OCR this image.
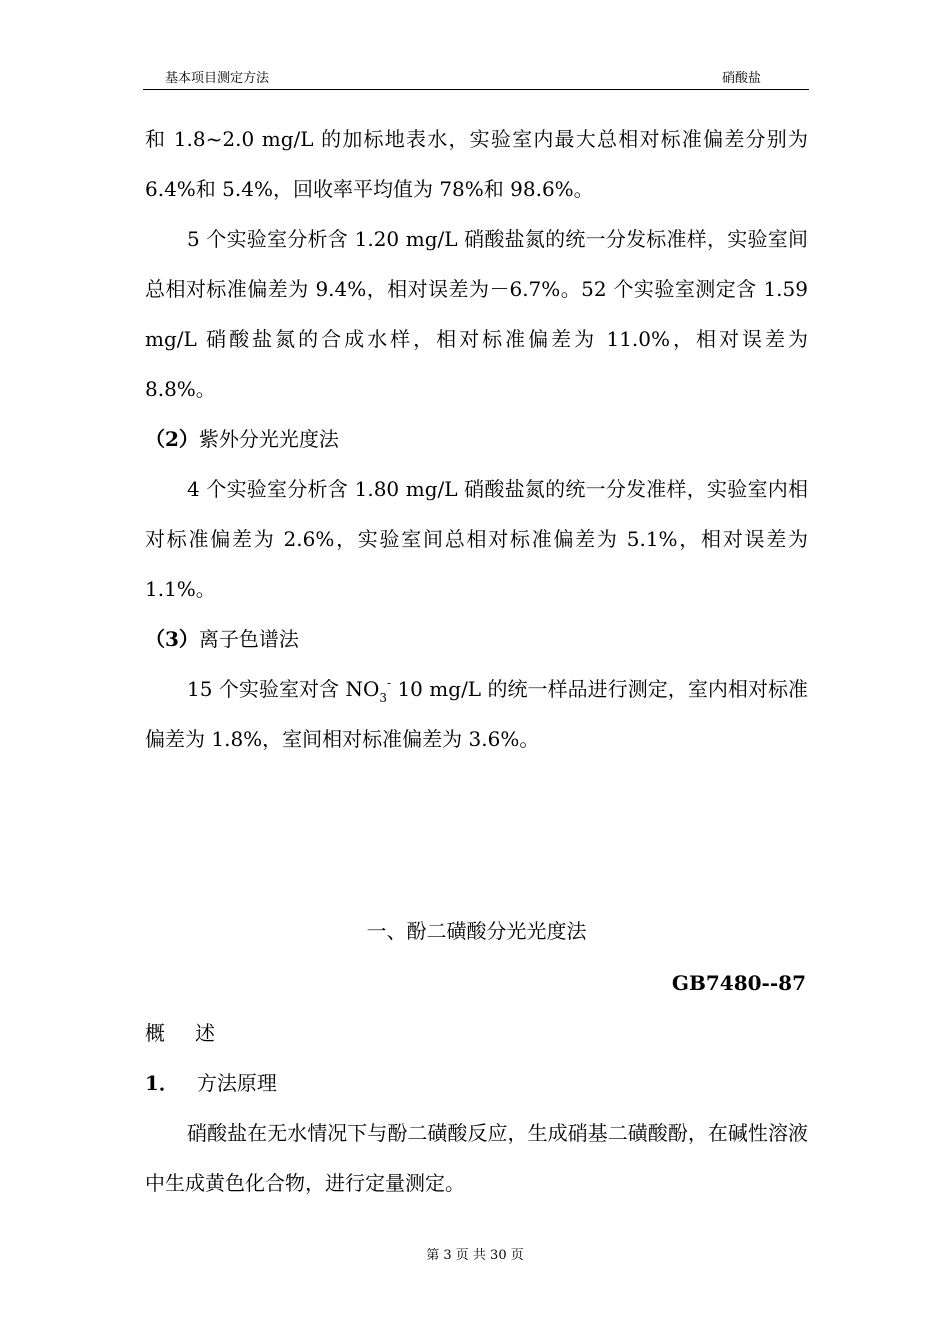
基本项目测定方法	硝酸盐

和 1.8~2.0 mg/L 的加标地表水，实验室内最大总相对标准偏差分别为 6.4%和 5.4%，回收率平均值为 78%和 98.6%。

5 个实验室分析含 1.20 mg/L 硝酸盐氮的统一分发标准样，实验室间总相对标准偏差为 9.4%，相对误差为－6.7%。52 个实验室测定含 1.59 mg/L 硝酸盐氮的合成水样，相对标准偏差为 11.0%，相对误差为 8.8%。

（2）紫外分光光度法

4 个实验室分析含 1.80 mg/L 硝酸盐氮的统一分发准样，实验室内相对标准偏差为 2.6%，实验室间总相对标准偏差为 5.1%，相对误差为 1.1%。

（3）离子色谱法

15 个实验室对含 $NO_3^-$ 10 mg/L 的统一样品进行测定，室内相对标准偏差为 1.8%，室间相对标准偏差为 3.6%。

一、酚二磺酸分光光度法
GB7480--87

概 述

1． 方法原理

硝酸盐在无水情况下与酚二磺酸反应，生成硝基二磺酸酚，在碱性溶液中生成黄色化合物，进行定量测定。

第 3 页 共 30 页
